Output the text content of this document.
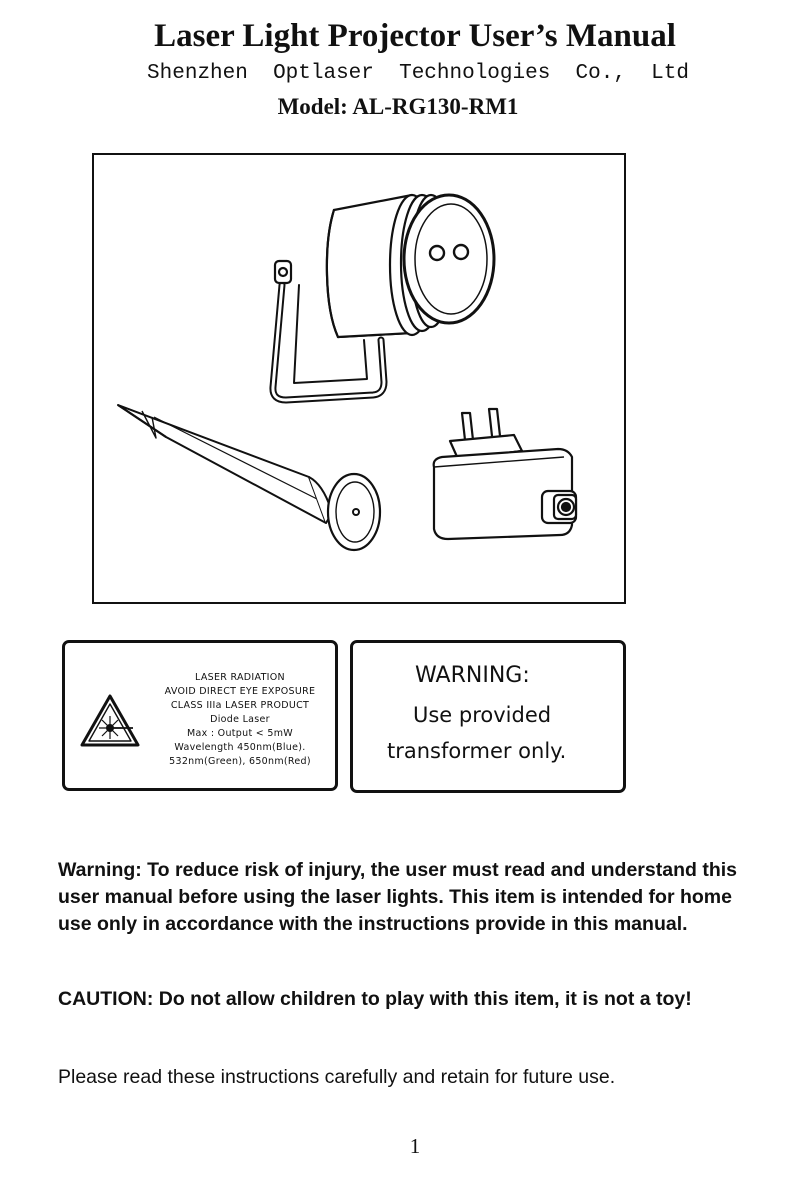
Laser Light Projector User’s Manual
Shenzhen  Optlaser  Technologies  Co.,  Ltd
Model: AL-RG130-RM1
LASER RADIATION
AVOID DIRECT EYE EXPOSURE
CLASS IIIa LASER PRODUCT
Diode Laser
Max : Output < 5mW
Wavelength 450nm(Blue).
532nm(Green), 650nm(Red)
WARNING:
Use provided
transformer only.

Warning: To reduce risk of injury, the user must read and understand this user manual before using the laser lights. This item is intended for home use only in accordance with the instructions provide in this manual.

CAUTION: Do not allow children to play with this item, it is not a toy!

Please read these instructions carefully and retain for future use.

1
